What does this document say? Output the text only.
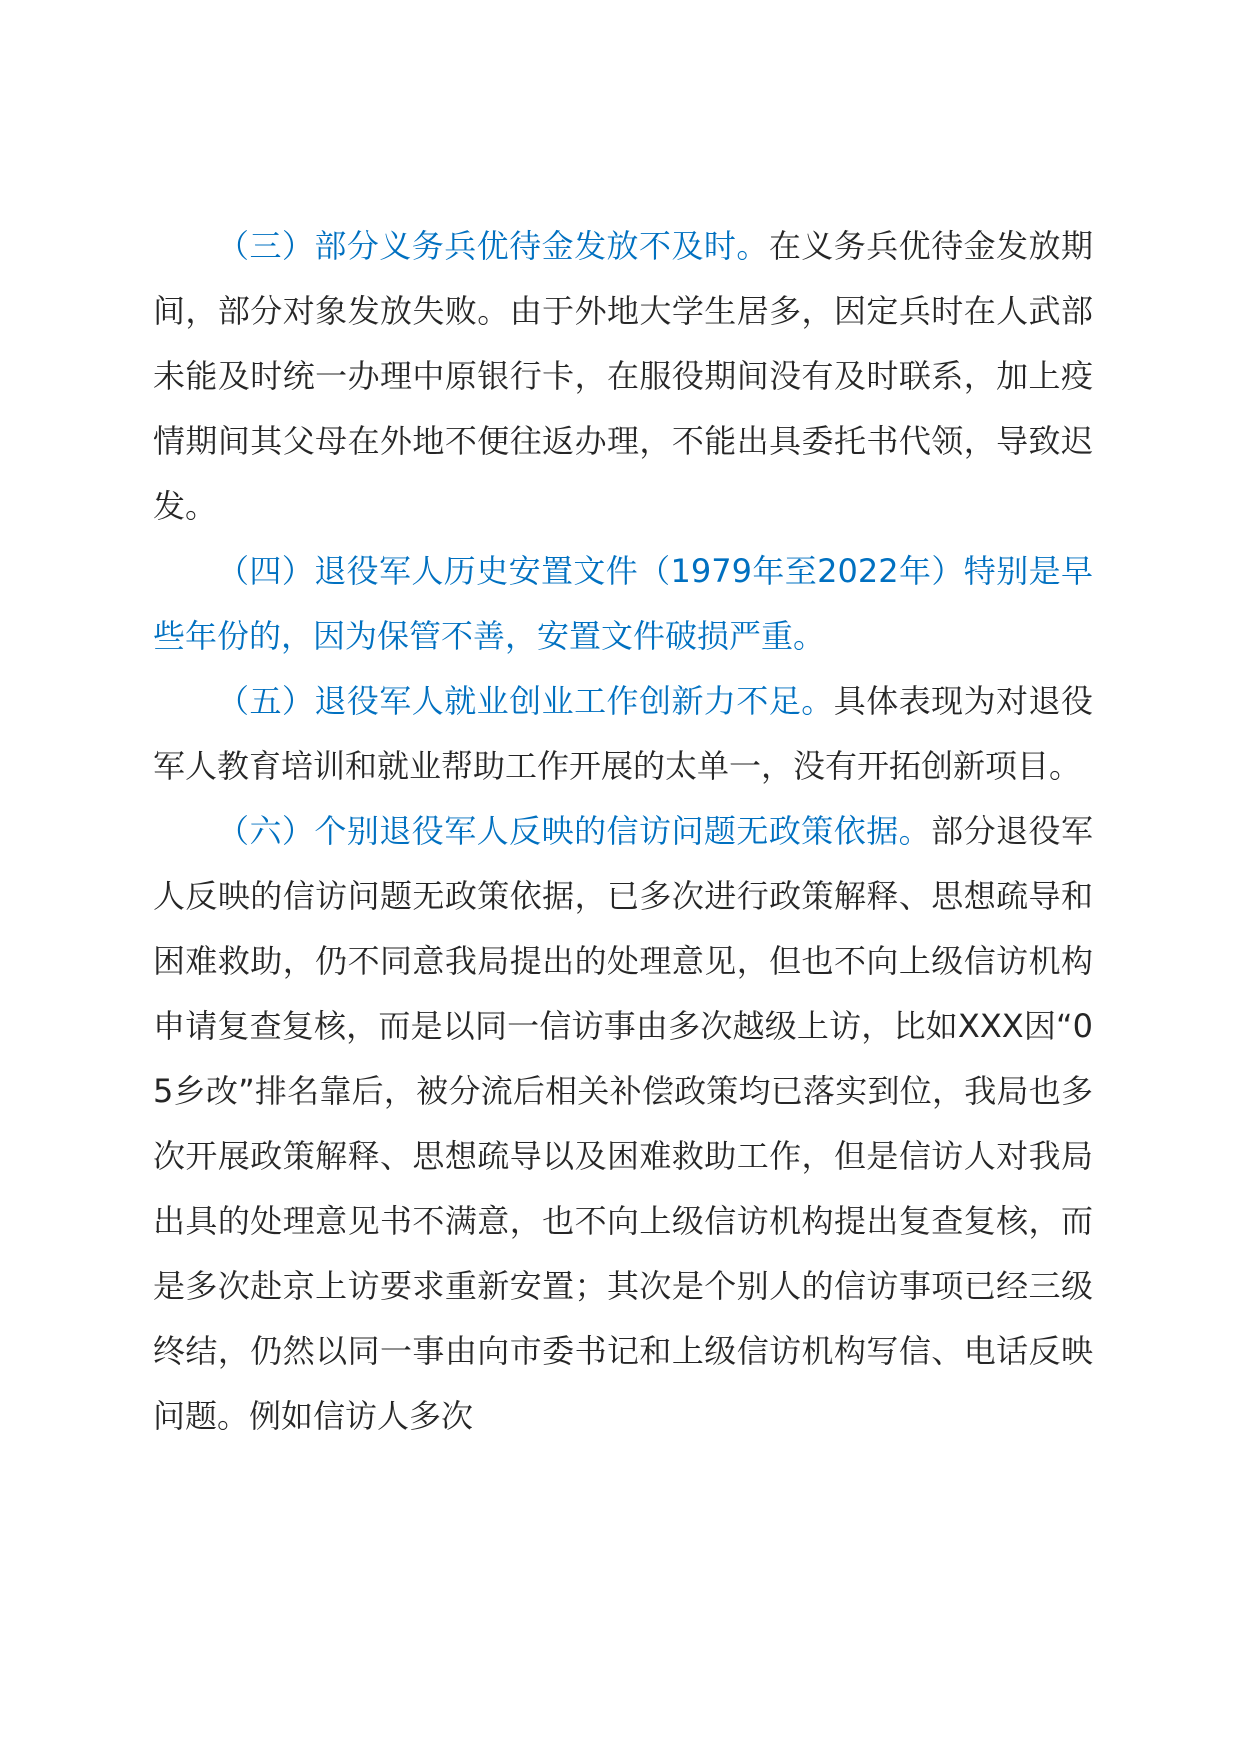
（三）部分义务兵优待金发放不及时。在义务兵优待金发放期间，部分对象发放失败。由于外地大学生居多，因定兵时在人武部未能及时统一办理中原银行卡，在服役期间没有及时联系，加上疫情期间其父母在外地不便往返办理，不能出具委托书代领，导致迟发。

（四）退役军人历史安置文件（1979年至2022年）特别是早些年份的，因为保管不善，安置文件破损严重。

（五）退役军人就业创业工作创新力不足。具体表现为对退役军人教育培训和就业帮助工作开展的太单一，没有开拓创新项目。

（六）个别退役军人反映的信访问题无政策依据。部分退役军人反映的信访问题无政策依据，已多次进行政策解释、思想疏导和困难救助，仍不同意我局提出的处理意见，但也不向上级信访机构申请复查复核，而是以同一信访事由多次越级上访，比如XXX因“05乡改”排名靠后，被分流后相关补偿政策均已落实到位，我局也多次开展政策解释、思想疏导以及困难救助工作，但是信访人对我局出具的处理意见书不满意，也不向上级信访机构提出复查复核，而是多次赴京上访要求重新安置；其次是个别人的信访事项已经三级终结，仍然以同一事由向市委书记和上级信访机构写信、电话反映问题。例如信访人多次
